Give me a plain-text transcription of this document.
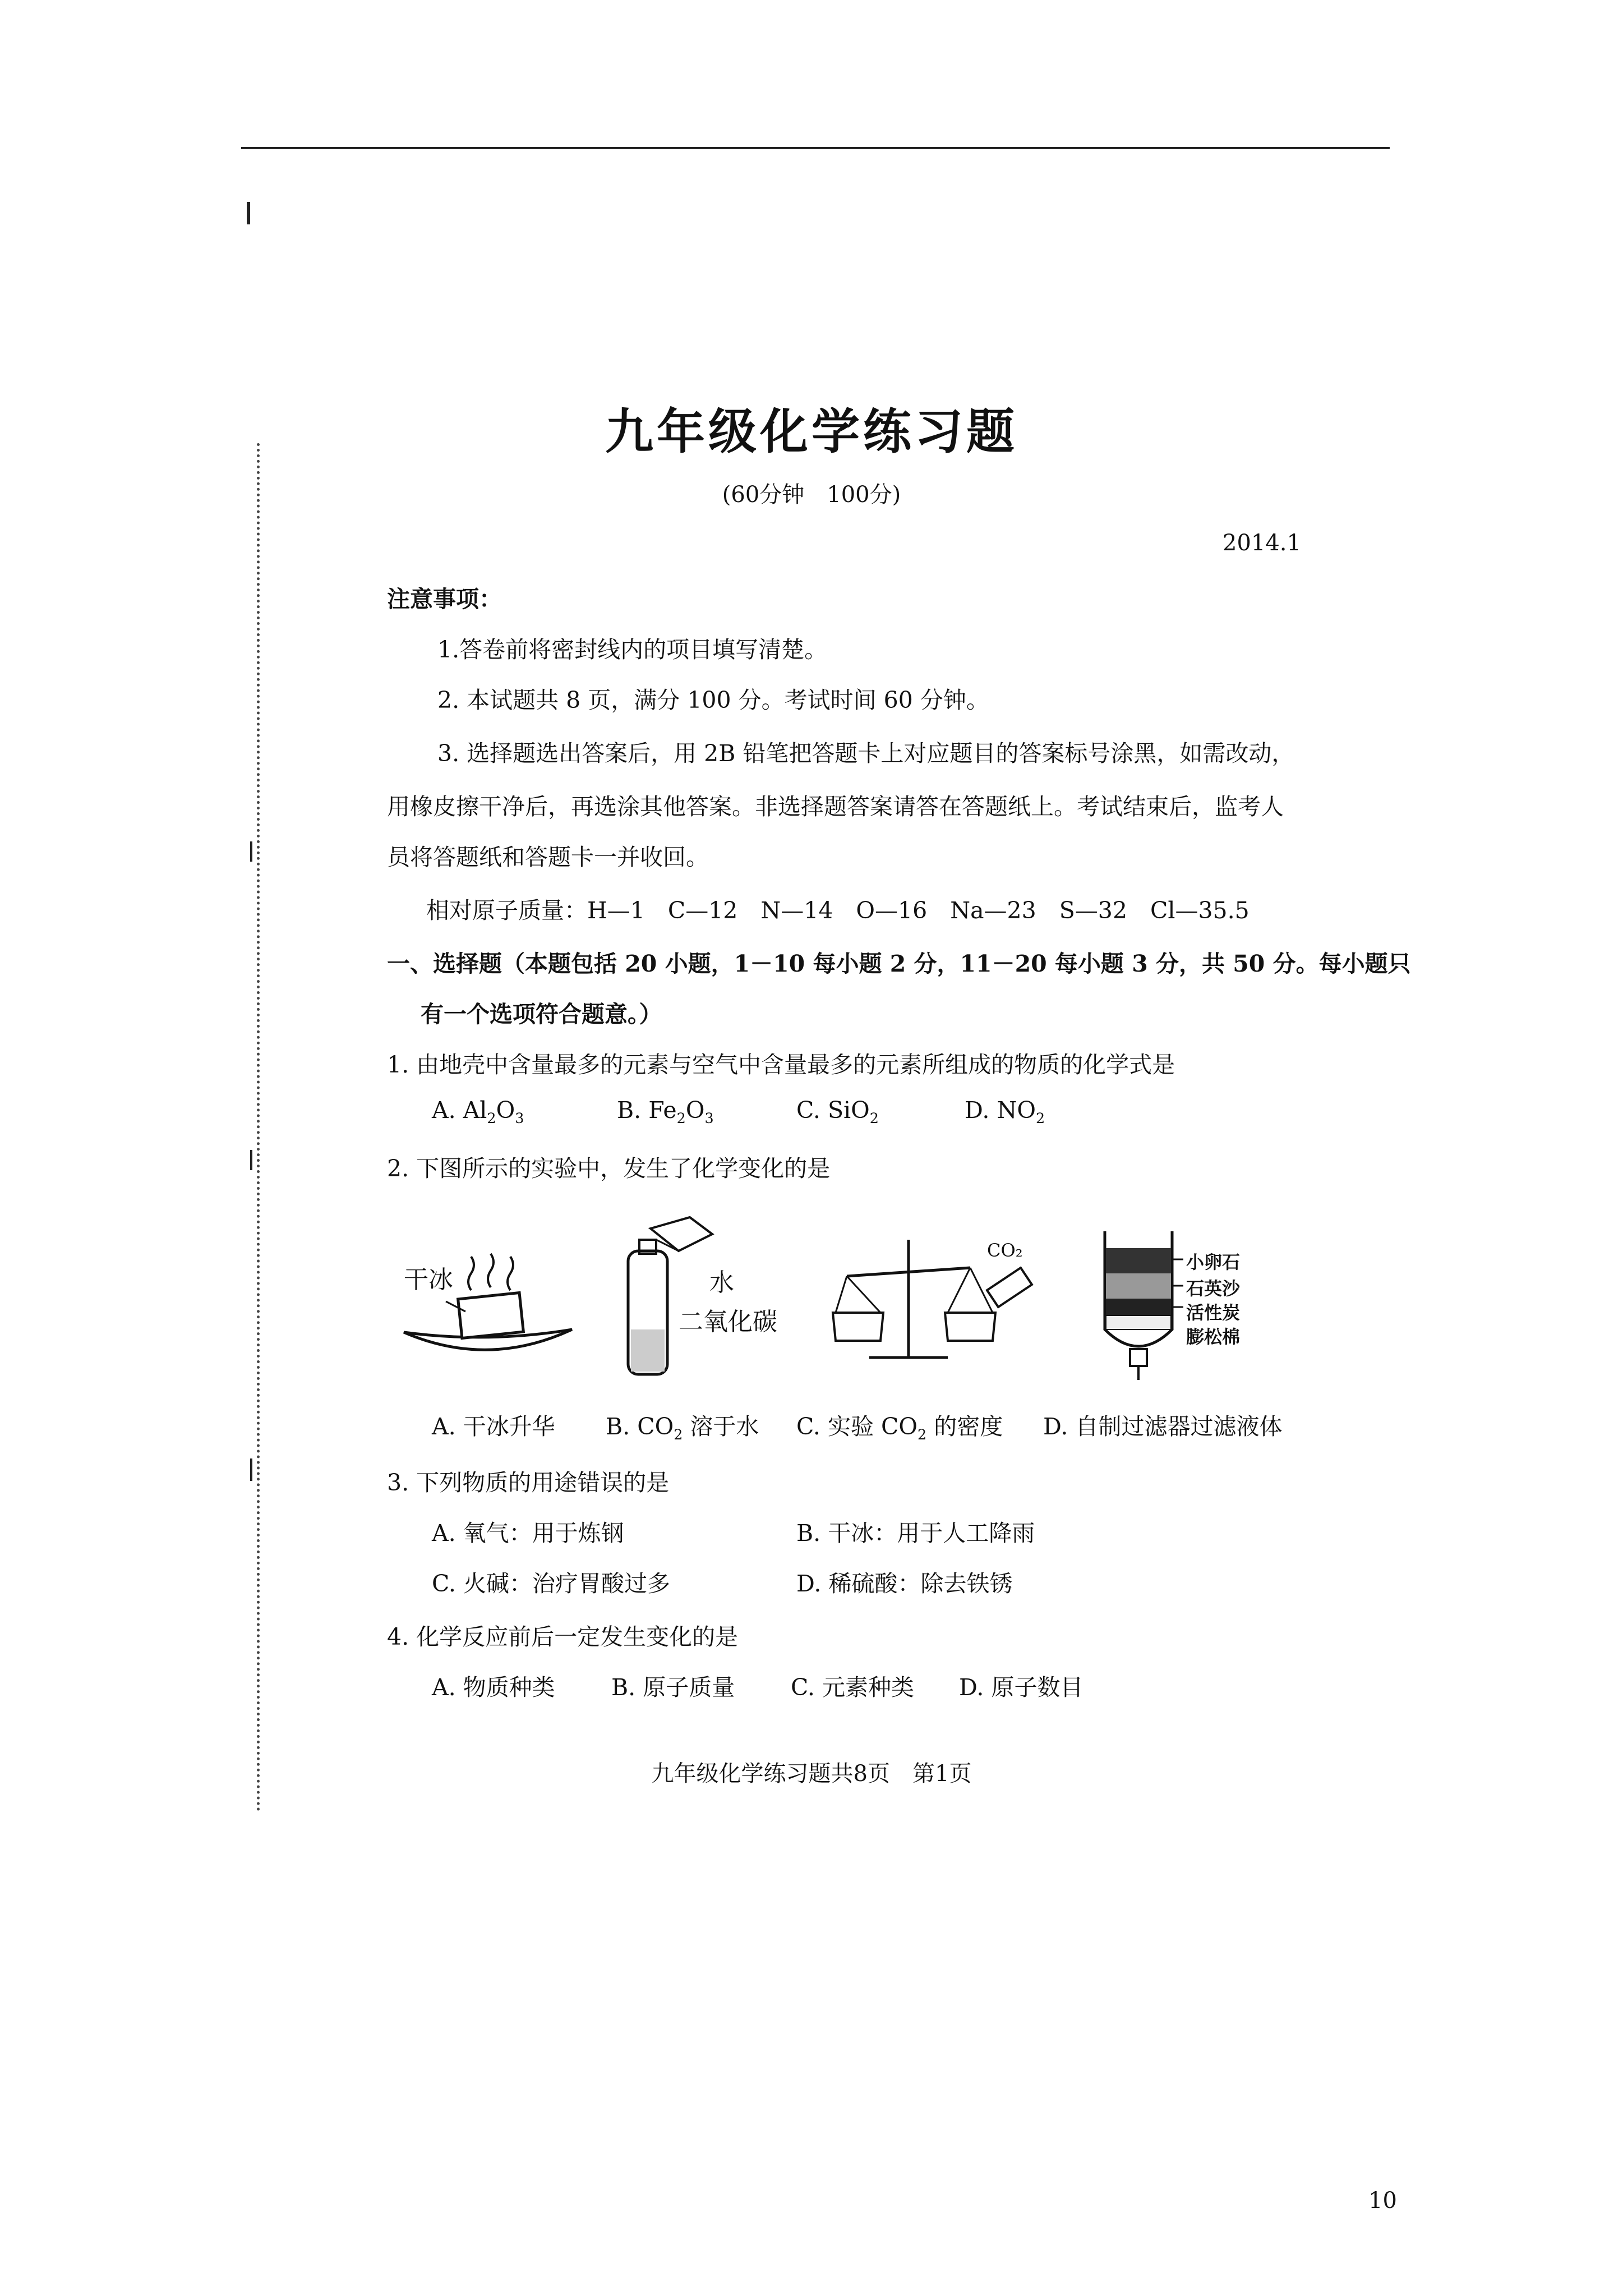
九年级化学练习题
(60分钟　100分)
2014.1
注意事项：
1.答卷前将密封线内的项目填写清楚。
2. 本试题共 8 页，满分 100 分。考试时间 60 分钟。
3. 选择题选出答案后，用 2B 铅笔把答题卡上对应题目的答案标号涂黑，如需改动，
用橡皮擦干净后，再选涂其他答案。非选择题答案请答在答题纸上。考试结束后，监考人
员将答题纸和答题卡一并收回。
相对原子质量：H—1　C—12　N—14　O—16　Na—23　S—32　Cl—35.5
一、选择题（本题包括 20 小题，1－10 每小题 2 分，11－20 每小题 3 分，共 50 分。每小题只
有一个选项符合题意。）
1. 由地壳中含量最多的元素与空气中含量最多的元素所组成的物质的化学式是
A. $Al_2O_3$	B. $Fe_2O_3$	C. SiO$_2$	D. $NO_2$
2. 下图所示的实验中，发生了化学变化的是
干冰	水
二氧化碳
CO₂
小卵石
石英沙
活性炭
膨松棉
A. 干冰升华 B. $CO_2$ 溶于水 C. 实验 $CO_2$ 的密度 D. 自制过滤器过滤液体
3. 下列物质的用途错误的是
A. 氧气：用于炼钢	B. 干冰：用于人工降雨
C. 火碱：治疗胃酸过多	D. 稀硫酸：除去铁锈
4. 化学反应前后一定发生变化的是
A. 物质种类 B. 原子质量 C. 元素种类 D. 原子数目
九年级化学练习题共8页　第1页
10
